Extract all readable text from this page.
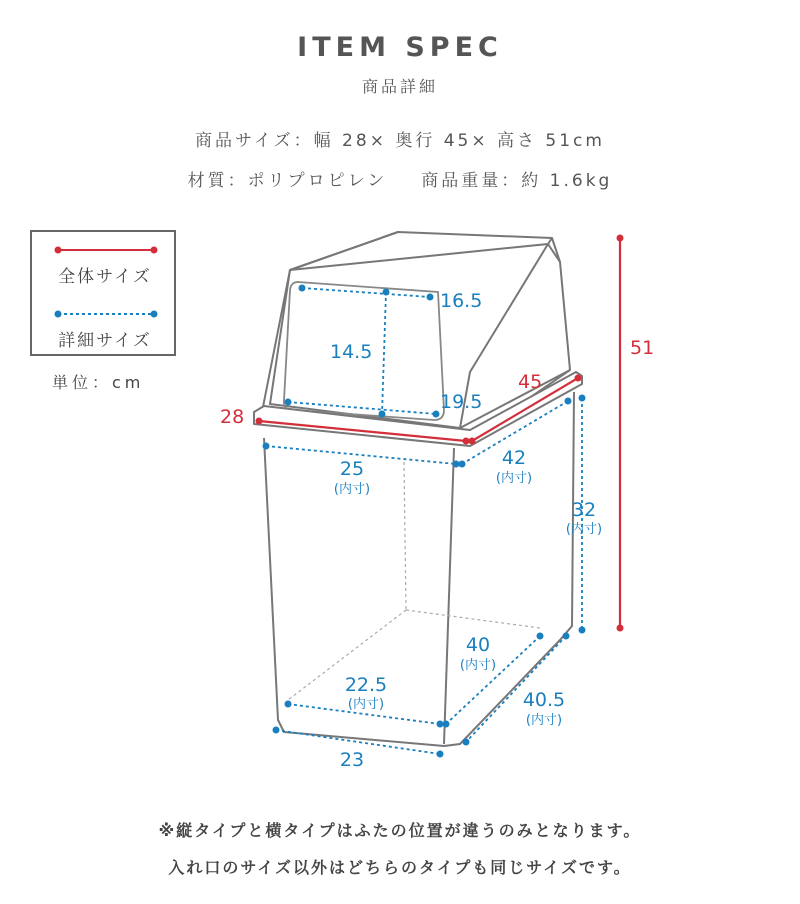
ITEM SPEC
商品詳細
商品サイズ：幅 28× 奥行 45× 高さ 51cm
材質：ポリプロピレン 商品重量：約 1.6kg
全体サイズ
詳細サイズ
単位：cm
28
45
51
16.5
14.5
19.5
25
(内寸)
42
(内寸)
32
(内寸)
40
(内寸)
22.5
(内寸)	40.5
(内寸)
23
※縦タイプと横タイプはふたの位置が違うのみとなります。
入れ口のサイズ以外はどちらのタイプも同じサイズです。
